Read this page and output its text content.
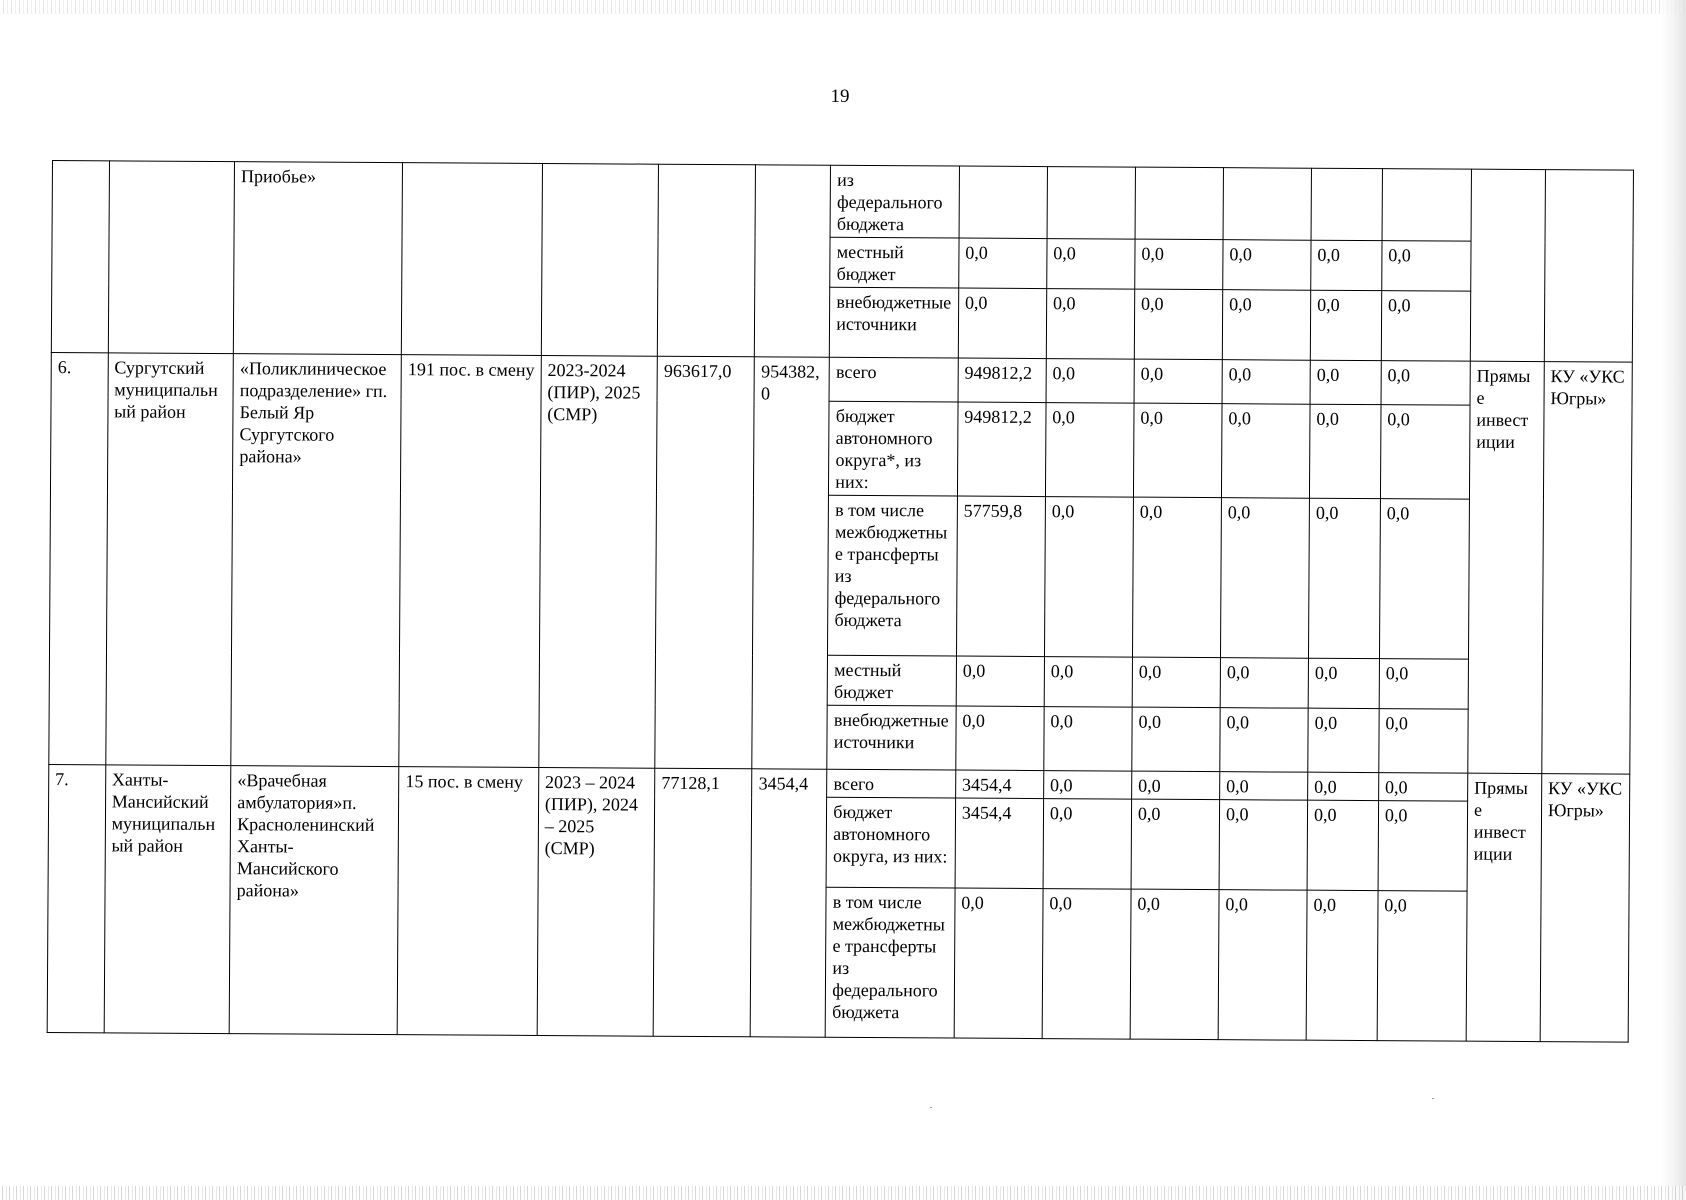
19
		Приобье»					из федерального бюджета								
							местный бюджет	0,0	0,0	0,0	0,0	0,0	0,0		
							внебюджетные источники	0,0	0,0	0,0	0,0	0,0	0,0		
6.	Сургутский муниципальный район	«Поликлиническое подразделение» гп. Белый Яр Сургутского района»	191 пос. в смену	2023-2024 (ПИР), 2025 (СМР)	963617,0	954382,0	всего	949812,2	0,0	0,0	0,0	0,0	0,0	Прямые инвестиции	КУ «УКС Югры»
							бюджет автономного округа*, из них:	949812,2	0,0	0,0	0,0	0,0	0,0		
							в том числе межбюджетные трансферты из федерального бюджета	57759,8	0,0	0,0	0,0	0,0	0,0		
							местный бюджет	0,0	0,0	0,0	0,0	0,0	0,0		
							внебюджетные источники	0,0	0,0	0,0	0,0	0,0	0,0		
7.	Ханты-Мансийский муниципальный район	«Врачебная амбулатория»п. Красноленинский Ханты-Мансийского района»	15 пос. в смену	2023 – 2024 (ПИР), 2024 – 2025 (СМР)	77128,1	3454,4	всего	3454,4	0,0	0,0	0,0	0,0	0,0	Прямые инвестиции	КУ «УКС Югры»
							бюджет автономного округа, из них:	3454,4	0,0	0,0	0,0	0,0	0,0		
							в том числе межбюджетные трансферты из федерального бюджета	0,0	0,0	0,0	0,0	0,0	0,0		
